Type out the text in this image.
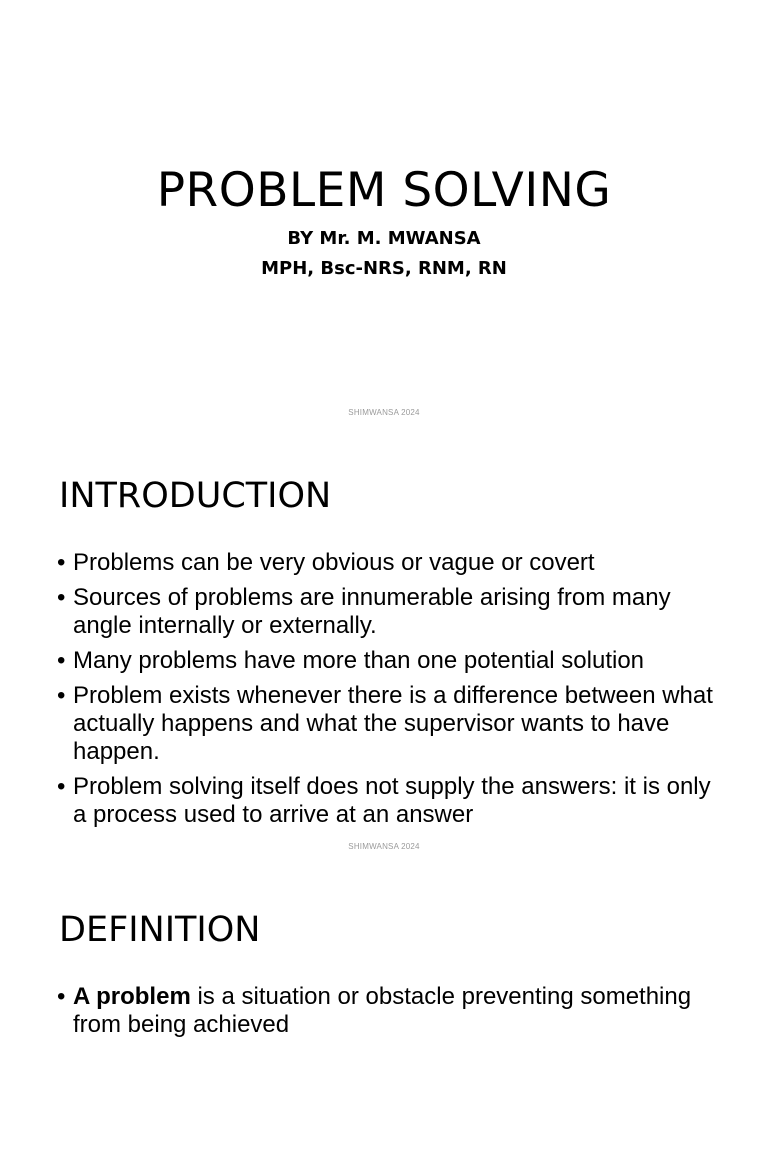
PROBLEM SOLVING
BY Mr. M. MWANSA
MPH, Bsc-NRS, RNM, RN
SHIMWANSA 2024
INTRODUCTION
• Problems can be very obvious or vague or covert
• Sources of problems are innumerable arising from many angle internally or externally.
• Many problems have more than one potential solution
• Problem exists whenever there is a difference between what actually happens and what the supervisor wants to have happen.
• Problem solving itself does not supply the answers: it is only a process used to arrive at an answer
SHIMWANSA 2024
DEFINITION
• A problem is a situation or obstacle preventing something from being achieved
